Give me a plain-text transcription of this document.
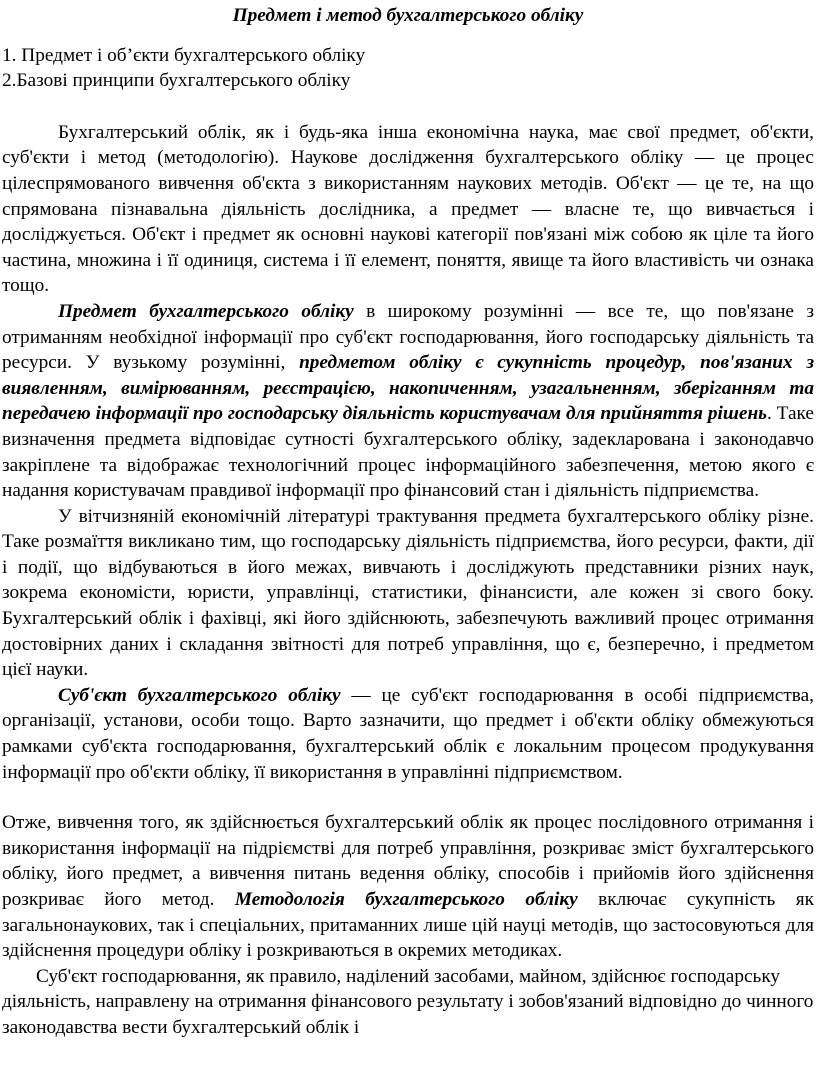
Предмет і метод бухгалтерського обліку
1. Предмет і об’єкти бухгалтерського обліку
2.Базові принципи бухгалтерського обліку

Бухгалтерський облік, як і будь-яка інша економічна наука, має свої предмет, об'єкти, суб'єкти і метод (методологію). Наукове дослідження бухгалтерського обліку — це процес цілеспрямованого вивчення об'єкта з використанням наукових методів. Об'єкт — це те, на що спрямована пізнавальна діяльність дослідника, а предмет — власне те, що вивчається і досліджується. Об'єкт і предмет як основні наукові категорії пов'язані між собою як ціле та його частина, множина і її одиниця, система і її елемент, поняття, явище та його властивість чи ознака тощо.

Предмет бухгалтерського обліку в широкому розумінні — все те, що пов'язане з отриманням необхідної інформації про суб'єкт господарювання, його господарську діяльність та ресурси. У вузькому розумінні, предметом обліку є сукупність процедур, пов'язаних з виявленням, вимірюванням, реєстрацією, накопиченням, узагальненням, зберіганням та передачею інформації про господарську діяльність користувачам для прийняття рішень. Таке визначення предмета відповідає сутності бухгалтерського обліку, задекларована і законодавчо закріплене та відображає технологічний процес інформаційного забезпечення, метою якого є надання користувачам правдивої інформації про фінансовий стан і діяльність підприємства.

У вітчизняній економічній літературі трактування предмета бухгалтерського обліку різне. Таке розмаїття викликано тим, що господарську діяльність підприємства, його ресурси, факти, дії і події, що відбуваються в його межах, вивчають і досліджують представники різних наук, зокрема економісти, юристи, управлінці, статистики, фінансисти, але кожен зі свого боку. Бухгалтерський облік і фахівці, які його здійснюють, забезпечують важливий процес отримання достовірних даних і складання звітності для потреб управління, що є, безперечно, і предметом цієї науки.

Суб'єкт бухгалтерського обліку — це суб'єкт господарювання в особі підприємства, організації, установи, особи тощо. Варто зазначити, що предмет і об'єкти обліку обмежуються рамками суб'єкта господарювання, бухгалтерський облік є локальним процесом продукування інформації про об'єкти обліку, її використання в управлінні підприємством.

Отже, вивчення того, як здійснюється бухгалтерський облік як процес послідовного отримання і використання інформації на підріємстві для потреб управління, розкриває зміст бухгалтерського обліку, його предмет, а вивчення питань ведення обліку, способів і прийомів його здійснення розкриває його метод. Методологія бухгалтерського обліку включає сукупність як загальнонаукових, так і спеціальних, притаманних лише цій науці методів, що застосовуються для здійснення процедури обліку і розкриваються в окремих методиках.

Суб'єкт господарювання, як правило, наділений засобами, майном, здійснює господарську діяльність, направлену на отримання фінансового результату і зобов'язаний відповідно до чинного законодавства вести бухгалтерський облік і
